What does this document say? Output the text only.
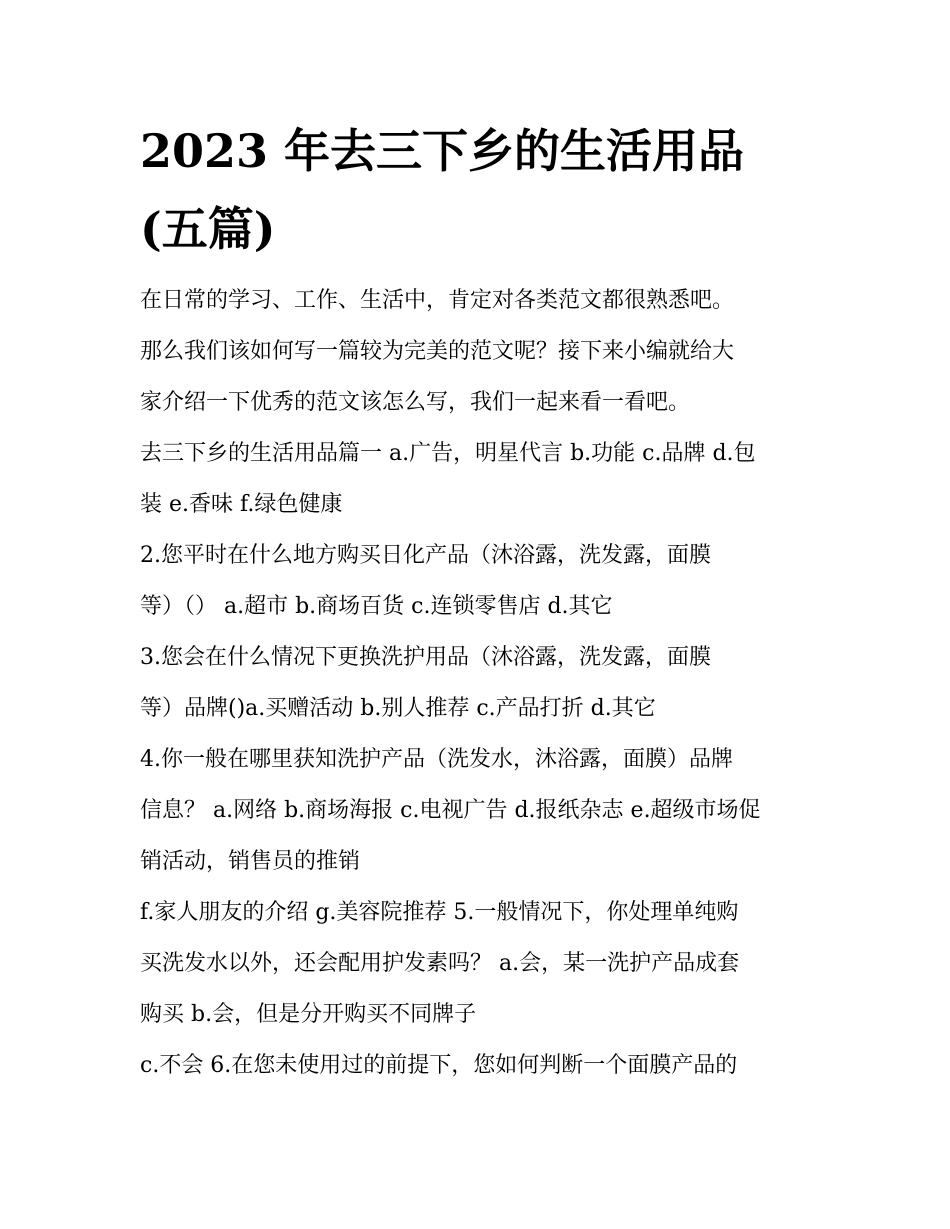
2023 年去三下乡的生活用品
(五篇)
在日常的学习、工作、生活中，肯定对各类范文都很熟悉吧。
那么我们该如何写一篇较为完美的范文呢？接下来小编就给大
家介绍一下优秀的范文该怎么写，我们一起来看一看吧。
去三下乡的生活用品篇一 a.广告，明星代言 b.功能 c.品牌 d.包
装 e.香味 f.绿色健康
2.您平时在什么地方购买日化产品（沐浴露，洗发露，面膜
等）（） a.超市 b.商场百货 c.连锁零售店 d.其它
3.您会在什么情况下更换洗护用品（沐浴露，洗发露，面膜
等）品牌()a.买赠活动 b.别人推荐 c.产品打折 d.其它
4.你一般在哪里获知洗护产品（洗发水，沐浴露，面膜）品牌
信息？ a.网络 b.商场海报 c.电视广告 d.报纸杂志 e.超级市场促
销活动，销售员的推销
f.家人朋友的介绍 g.美容院推荐 5.一般情况下，你处理单纯购
买洗发水以外，还会配用护发素吗？ a.会，某一洗护产品成套
购买 b.会，但是分开购买不同牌子
c.不会 6.在您未使用过的前提下，您如何判断一个面膜产品的
